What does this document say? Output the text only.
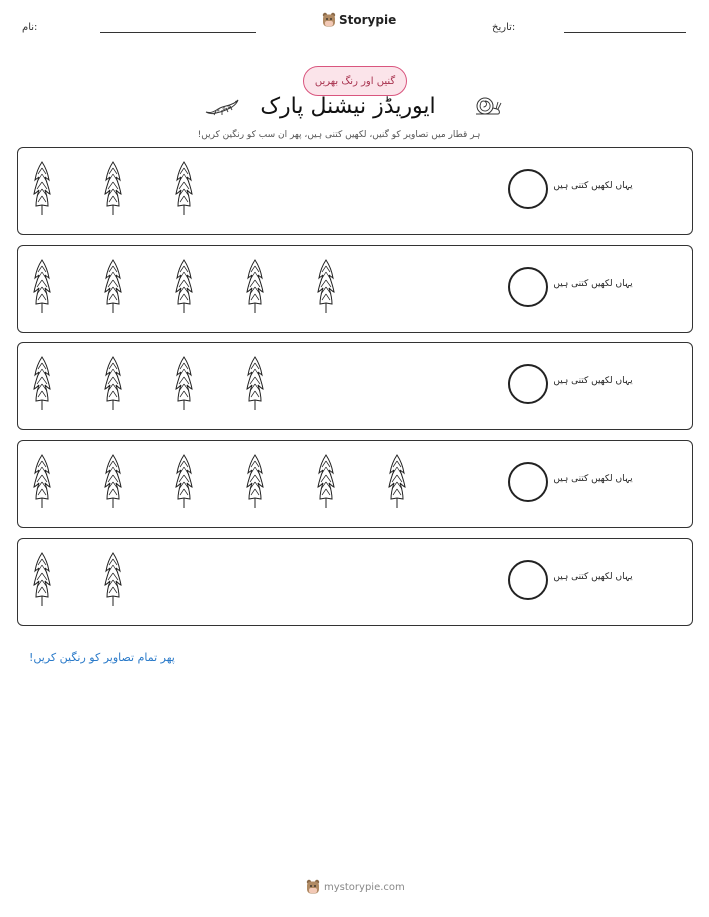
نام:
Storypie
تاریخ:
گنیں اور رنگ بھریں
ایور‌‌یڈز نیشنل پارک
ہر قطار میں تصاویر کو گنیں، لکھیں کتنی ہیں، پھر ان سب کو رنگین کریں!
یہاں لکھیں کتنی ہیں
یہاں لکھیں کتنی ہیں
یہاں لکھیں کتنی ہیں
یہاں لکھیں کتنی ہیں
یہاں لکھیں کتنی ہیں
پھر تمام تصاویر کو رنگین کریں!
mystorypie.com
